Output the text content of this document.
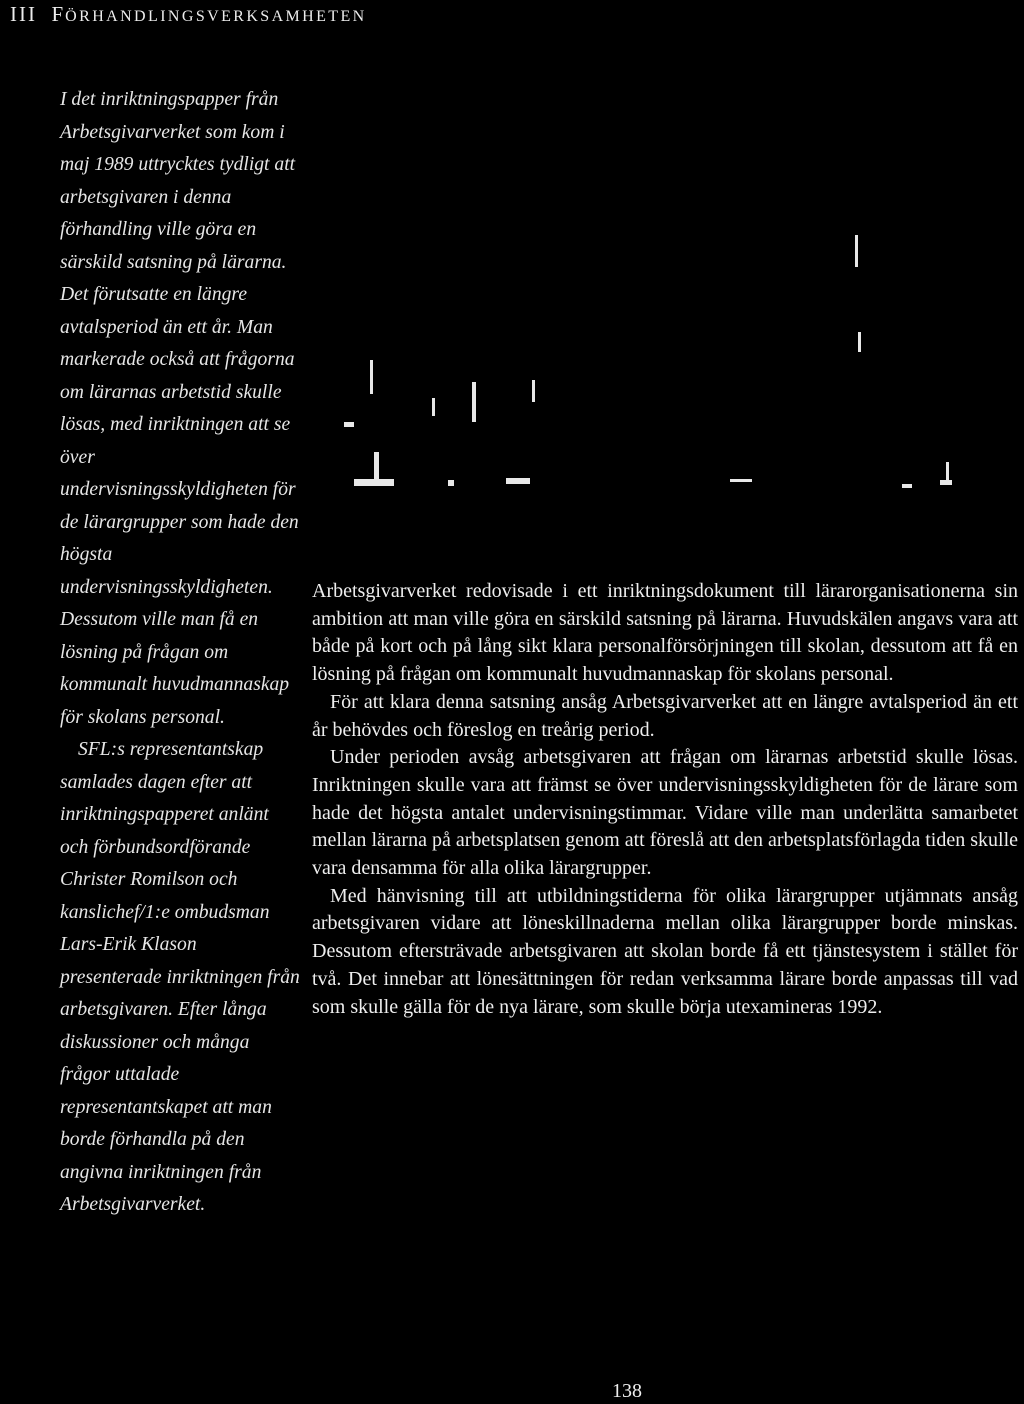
III FÖRHANDLINGSVERKSAMHETEN

I det inriktningspapper från Arbetsgivarverket som kom i maj 1989 uttrycktes tydligt att arbetsgivaren i denna förhandling ville göra en särskild satsning på lärarna. Det förutsatte en längre avtalsperiod än ett år. Man markerade också att frågorna om lärarnas arbetstid skulle lösas, med inriktningen att se över undervisningsskyldigheten för de lärargrupper som hade den högsta undervisningsskyldigheten. Dessutom ville man få en lösning på frågan om kommunalt huvudmannaskap för skolans personal.

SFL:s representantskap samlades dagen efter att inriktningspapperet anlänt och förbundsordförande Christer Romilson och kanslichef/1:e ombudsman Lars-Erik Klason presenterade inriktningen från arbetsgivaren. Efter långa diskussioner och många frågor uttalade representantskapet att man borde förhandla på den angivna inriktningen från Arbetsgivarverket.

Arbetsgivarverket redovisade i ett inriktningsdokument till lärarorganisationerna sin ambition att man ville göra en särskild satsning på lärarna. Huvudskälen angavs vara att både på kort och på lång sikt klara personalförsörjningen till skolan, dessutom att få en lösning på frågan om kommunalt huvudmannaskap för skolans personal.

För att klara denna satsning ansåg Arbetsgivarverket att en längre avtalsperiod än ett år behövdes och föreslog en treårig period.

Under perioden avsåg arbetsgivaren att frågan om lärarnas arbetstid skulle lösas. Inriktningen skulle vara att främst se över undervisningsskyldigheten för de lärare som hade det högsta antalet undervisningstimmar. Vidare ville man underlätta samarbetet mellan lärarna på arbetsplatsen genom att föreslå att den arbetsplatsförlagda tiden skulle vara densamma för alla olika lärargrupper.

Med hänvisning till att utbildningstiderna för olika lärargrupper utjämnats ansåg arbetsgivaren vidare att löneskillnaderna mellan olika lärargrupper borde minskas. Dessutom eftersträvade arbetsgivaren att skolan borde få ett tjänstesystem i stället för två. Det innebar att lönesättningen för redan verksamma lärare borde anpassas till vad som skulle gälla för de nya lärare, som skulle börja utexamineras 1992.

138
